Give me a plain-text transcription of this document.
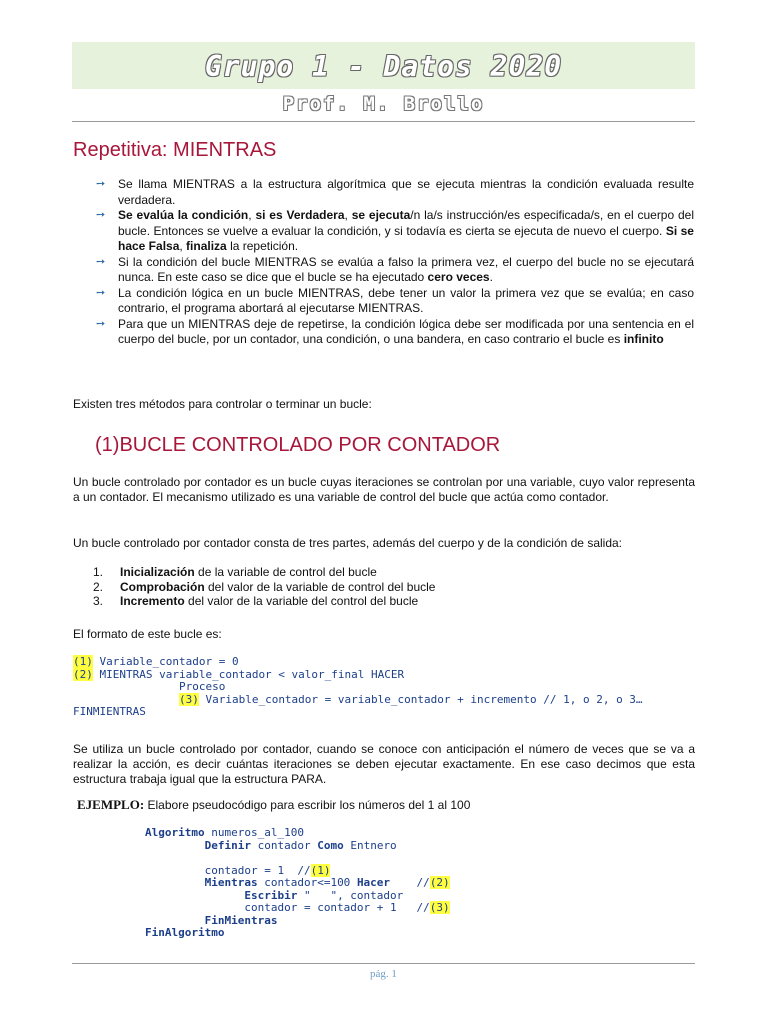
Grupo 1 - Datos 2020
Prof. M. Brollo
Repetitiva: MIENTRAS
➙ Se llama MIENTRAS a la estructura algorítmica que se ejecuta mientras la condición evaluada resulte verdadera.
➙ Se evalúa la condición, si es Verdadera, se ejecuta/n la/s instrucción/es especificada/s, en el cuerpo del bucle. Entonces se vuelve a evaluar la condición, y si todavía es cierta se ejecuta de nuevo el cuerpo. Si se hace Falsa, finaliza la repetición.
➙ Si la condición del bucle MIENTRAS se evalúa a falso la primera vez, el cuerpo del bucle no se ejecutará nunca. En este caso se dice que el bucle se ha ejecutado cero veces.
➙ La condición lógica en un bucle MIENTRAS, debe tener un valor la primera vez que se evalúa; en caso contrario, el programa abortará al ejecutarse MIENTRAS.
➙ Para que un MIENTRAS deje de repetirse, la condición lógica debe ser modificada por una sentencia en el cuerpo del bucle, por un contador, una condición, o una bandera, en caso contrario el bucle es infinito

Existen tres métodos para controlar o terminar un bucle:

(1)BUCLE CONTROLADO POR CONTADOR

Un bucle controlado por contador es un bucle cuyas iteraciones se controlan por una variable, cuyo valor representa a un contador. El mecanismo utilizado es una variable de control del bucle que actúa como contador.

Un bucle controlado por contador consta de tres partes, además del cuerpo y de la condición de salida:

1. Inicialización de la variable de control del bucle
2. Comprobación del valor de la variable de control del bucle
3. Incremento del valor de la variable del control del bucle

El formato de este bucle es:

(1) Variable_contador = 0
(2) MIENTRAS variable_contador < valor_final HACER
Proceso
(3) Variable_contador = variable_contador + incremento // 1, o 2, o 3…
FINMIENTRAS

Se utiliza un bucle controlado por contador, cuando se conoce con anticipación el número de veces que se va a realizar la acción, es decir cuántas iteraciones se deben ejecutar exactamente. En ese caso decimos que esta estructura trabaja igual que la estructura PARA.

EJEMPLO: Elabore pseudocódigo para escribir los números del 1 al 100
Algoritmo numeros_al_100
Definir contador Como Entnero

contador = 1  //(1)
Mientras contador<=100 Hacer    //(2)
Escribir "   ", contador
contador = contador + 1   //(3)
FinMientras
FinAlgoritmo
pág. 1
